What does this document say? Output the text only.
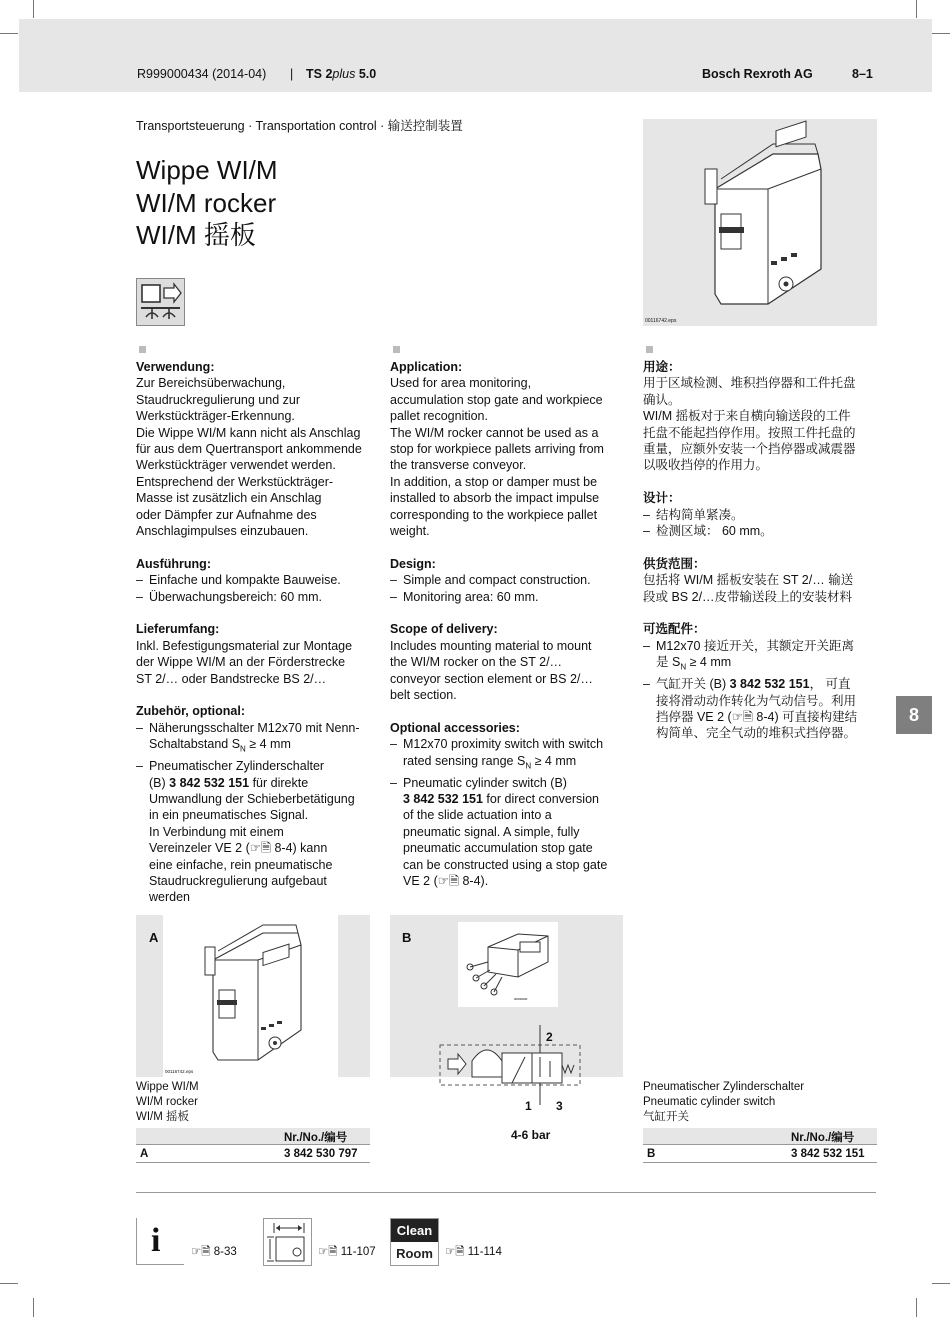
R999000434 (2014-04) | TS 2plus 5.0	Bosch Rexroth AG	8–1
Transportsteuerung · Transportation control · 输送控制装置
Wippe WI/M
WI/M rocker
WI/M 摇板
00116742.eps

Verwendung:

Zur Bereichsüberwachung,

Staudruckregulierung und zur

Werkstückträger-Erkennung.

Die Wippe WI/M kann nicht als Anschlag

für aus dem Quertransport ankommende

Werkstückträger verwendet werden.

Entsprechend der Werkstückträger-

Masse ist zusätzlich ein Anschlag

oder Dämpfer zur Aufnahme des

Anschlagimpulses einzubauen.

Ausführung:

– Einfache und kompakte Bauweise.
– Überwachungsbereich: 60 mm.

Lieferumfang:

Inkl. Befestigungsmaterial zur Montage

der Wippe WI/M an der Förderstrecke

ST 2/… oder Bandstrecke BS 2/…

Zubehör, optional:

– Näherungsschalter M12x70 mit Nenn-
Schaltabstand $S_N \ge 4$ mm
– Pneumatischer Zylinderschalter
(B) 3 842 532 151 für direkte
Umwandlung der Schieberbetätigung
in ein pneumatisches Signal.
In Verbindung mit einem
Vereinzeler VE 2 (☞🗎 8-4) kann
eine einfache, rein pneumatische
Staudruckregulierung aufgebaut
werden

Application:

Used for area monitoring,

accumulation stop gate and workpiece

pallet recognition.

The WI/M rocker cannot be used as a

stop for workpiece pallets arriving from

the transverse conveyor.

In addition, a stop or damper must be

installed to absorb the impact impulse

corresponding to the workpiece pallet

weight.

Design:

– Simple and compact construction.
– Monitoring area: 60 mm.

Scope of delivery:

Includes mounting material to mount

the WI/M rocker on the ST 2/…

conveyor section element or BS 2/…

belt section.

Optional accessories:

– M12x70 proximity switch with switch
rated sensing range $S_N \ge 4$ mm
– Pneumatic cylinder switch (B)
3 842 532 151 for direct conversion
of the slide actuation into a
pneumatic signal. A simple, fully
pneumatic accumulation stop gate
can be constructed using a stop gate
VE 2 (☞🗎 8-4).

用途：

用于区域检测、堆积挡停器和工件托盘

确认。

WI/M 摇板对于来自横向输送段的工件

托盘不能起挡停作用。按照工件托盘的

重量，应额外安装一个挡停器或减震器

以吸收挡停的作用力。

设计：

– 结构简单紧凑。
– 检测区域： 60 mm。

供货范围：

包括将 WI/M 摇板安装在 ST 2/… 输送

段或 BS 2/…皮带输送段上的安装材料

可选配件：

– M12x70 接近开关，其额定开关距离
是 $S_N \ge 4$ mm
– 气缸开关 (B) 3 842 532 151， 可直
接将滑动动作转化为气动信号。利用
挡停器 VE 2 (☞🗎 8-4) 可直接构建结
构简单、完全气动的堆积式挡停器。
8
A
00116742.eps
Wippe WI/M
WI/M rocker
WI/M 摇板
Nr./No./编号
A	3 842 530 797
B
00000000
2
1 3
4-6 bar
Pneumatischer Zylinderschalter
Pneumatic cylinder switch
气缸开关
Nr./No./编号
B	3 842 532 151
i	☞🗎 8-33	☞🗎 11-107
Clean
Room	☞🗎 11-114
